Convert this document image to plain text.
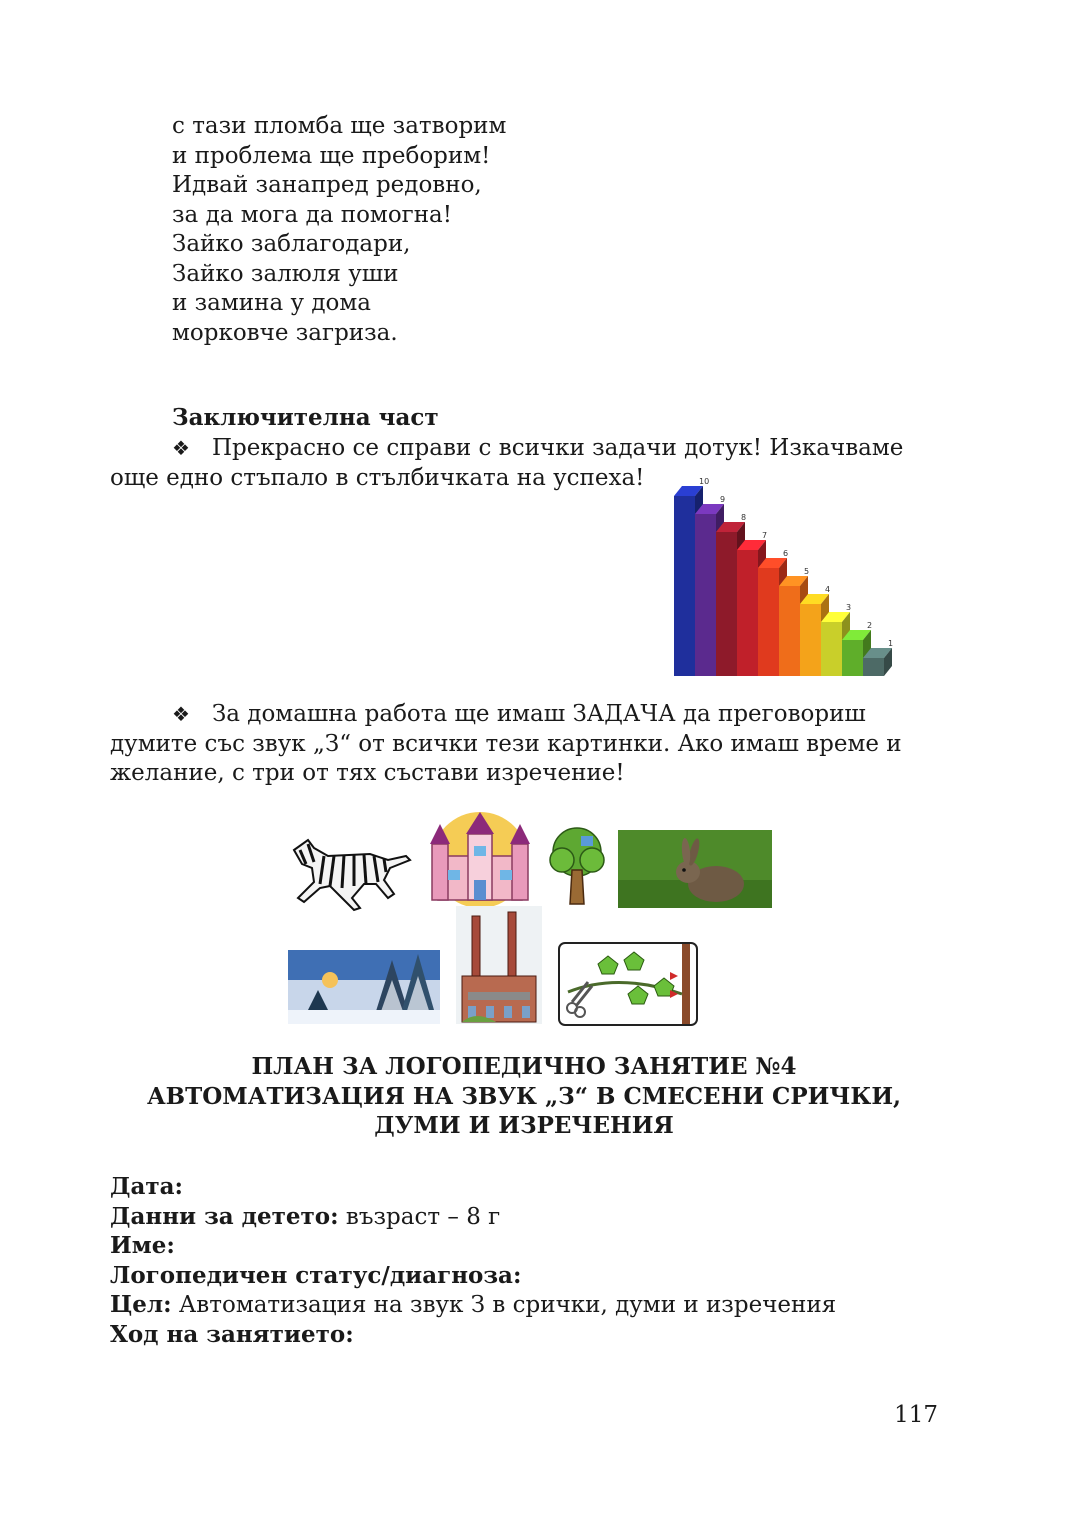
с тази пломба ще затворим
и проблема ще преборим!
Идвай занапред редовно,
за да мога да помогна!
Зайко заблагодари,
Зайко залюля уши
и замина у дома
морковче загриза.
Заключителна част
❖ Прекрасно се справи с всички задачи дотук! Изкачваме
още едно стъпало в стълбичката на успеха!	10
9
8
7
6
5
4
3
2
1
❖ За домашна работа ще имаш ЗАДАЧА да преговориш
думите със звук „З“ от всички тези картинки. Ако имаш време и
желание, с три от тях състави изречение!
ПЛАН ЗА ЛОГОПЕДИЧНО ЗАНЯТИЕ №4
АВТОМАТИЗАЦИЯ НА ЗВУК „З“ В СМЕСЕНИ СРИЧКИ,
ДУМИ И ИЗРЕЧЕНИЯ
Дата:
Данни за детето: възраст – 8 г
Име:
Логопедичен статус/диагноза:
Цел: Автоматизация на звук З в срички, думи и изречения
Ход на занятието:
117
